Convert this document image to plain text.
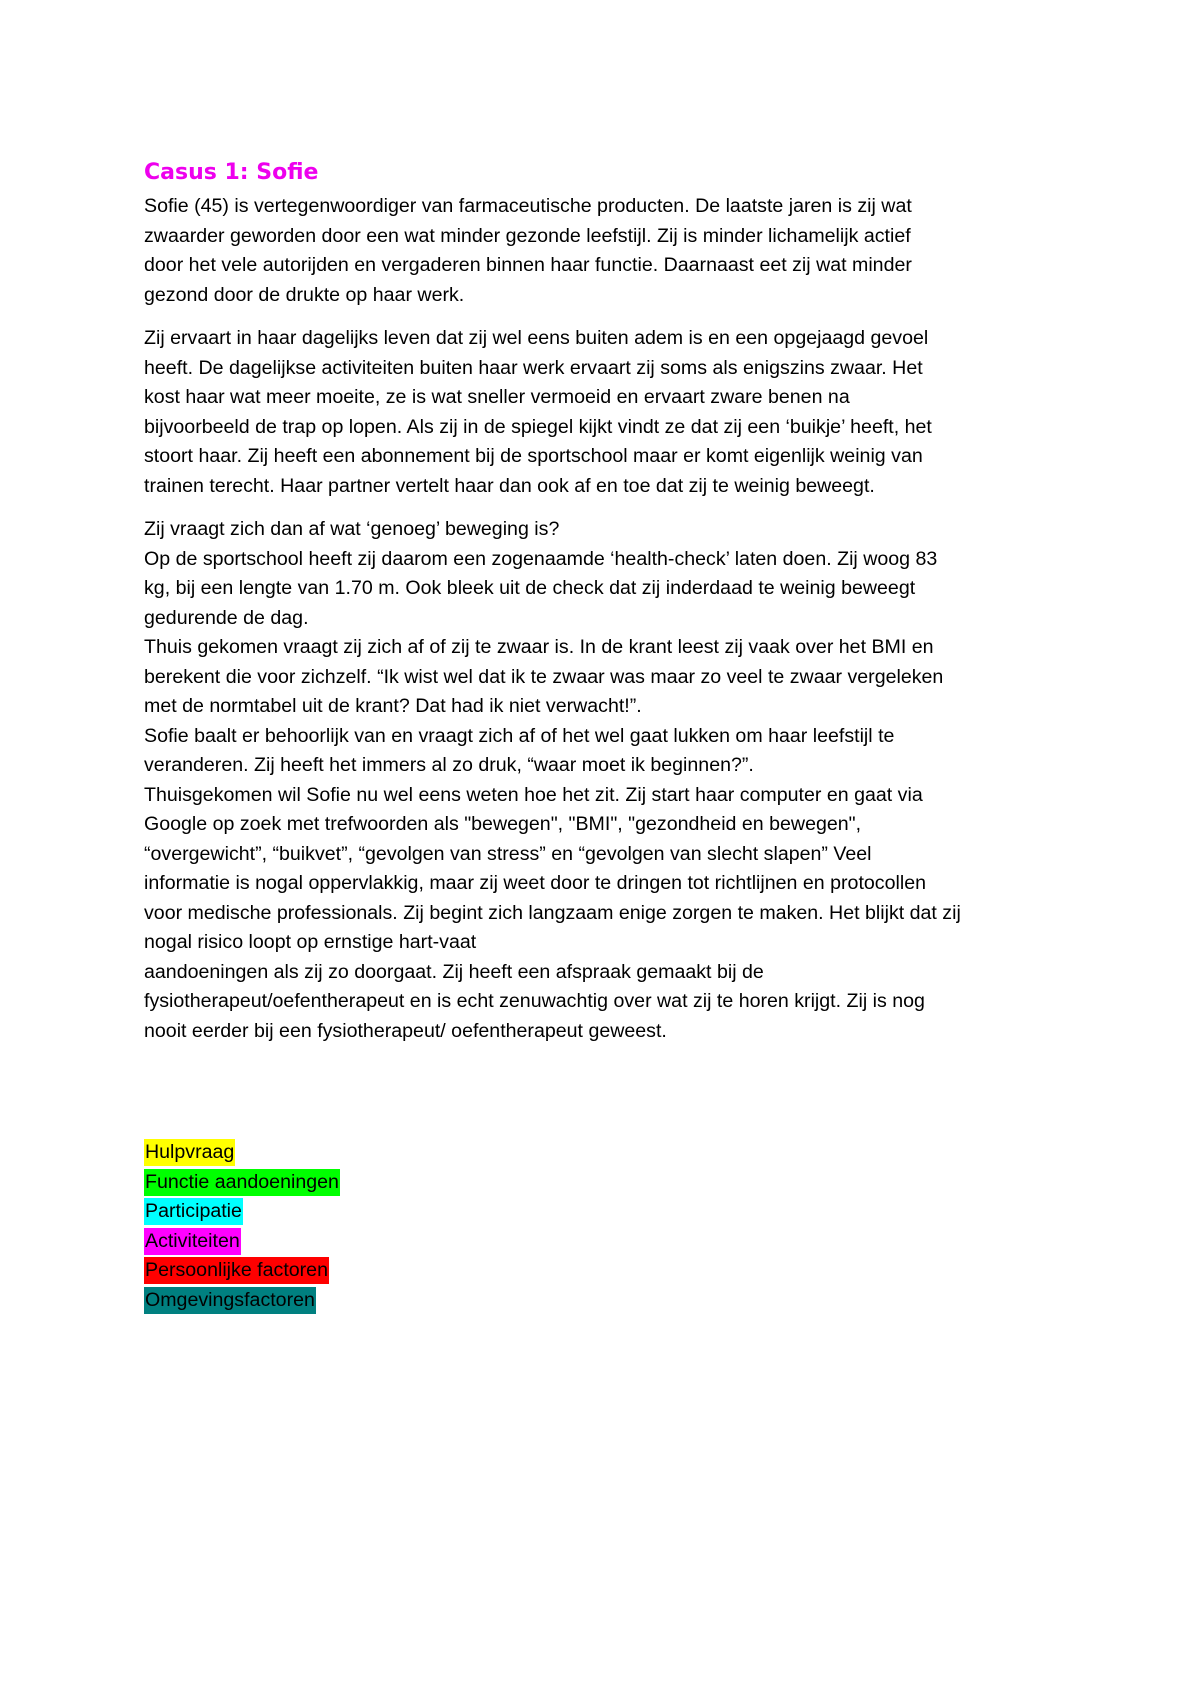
Casus 1: Sofie
Sofie (45) is vertegenwoordiger van farmaceutische producten. De laatste jaren is zij wat
zwaarder geworden door een wat minder gezonde leefstijl. Zij is minder lichamelijk actief
door het vele autorijden en vergaderen binnen haar functie. Daarnaast eet zij wat minder
gezond door de drukte op haar werk.
Zij ervaart in haar dagelijks leven dat zij wel eens buiten adem is en een opgejaagd gevoel
heeft. De dagelijkse activiteiten buiten haar werk ervaart zij soms als enigszins zwaar. Het
kost haar wat meer moeite, ze is wat sneller vermoeid en ervaart zware benen na
bijvoorbeeld de trap op lopen. Als zij in de spiegel kijkt vindt ze dat zij een ‘buikje’ heeft, het
stoort haar. Zij heeft een abonnement bij de sportschool maar er komt eigenlijk weinig van
trainen terecht. Haar partner vertelt haar dan ook af en toe dat zij te weinig beweegt.
Zij vraagt zich dan af wat ‘genoeg’ beweging is?
Op de sportschool heeft zij daarom een zogenaamde ‘health-check’ laten doen. Zij woog 83
kg, bij een lengte van 1.70 m. Ook bleek uit de check dat zij inderdaad te weinig beweegt
gedurende de dag.
Thuis gekomen vraagt zij zich af of zij te zwaar is. In de krant leest zij vaak over het BMI en
berekent die voor zichzelf. “Ik wist wel dat ik te zwaar was maar zo veel te zwaar vergeleken
met de normtabel uit de krant? Dat had ik niet verwacht!”.
Sofie baalt er behoorlijk van en vraagt zich af of het wel gaat lukken om haar leefstijl te
veranderen. Zij heeft het immers al zo druk, “waar moet ik beginnen?”.
Thuisgekomen wil Sofie nu wel eens weten hoe het zit. Zij start haar computer en gaat via
Google op zoek met trefwoorden als "bewegen", "BMI", "gezondheid en bewegen",
“overgewicht”, “buikvet”, “gevolgen van stress” en “gevolgen van slecht slapen” Veel
informatie is nogal oppervlakkig, maar zij weet door te dringen tot richtlijnen en protocollen
voor medische professionals. Zij begint zich langzaam enige zorgen te maken. Het blijkt dat zij
nogal risico loopt op ernstige hart-vaat
aandoeningen als zij zo doorgaat. Zij heeft een afspraak gemaakt bij de
fysiotherapeut/oefentherapeut en is echt zenuwachtig over wat zij te horen krijgt. Zij is nog
nooit eerder bij een fysiotherapeut/ oefentherapeut geweest.
Hulpvraag
Functie aandoeningen
Participatie
Activiteiten
Persoonlijke factoren
Omgevingsfactoren
